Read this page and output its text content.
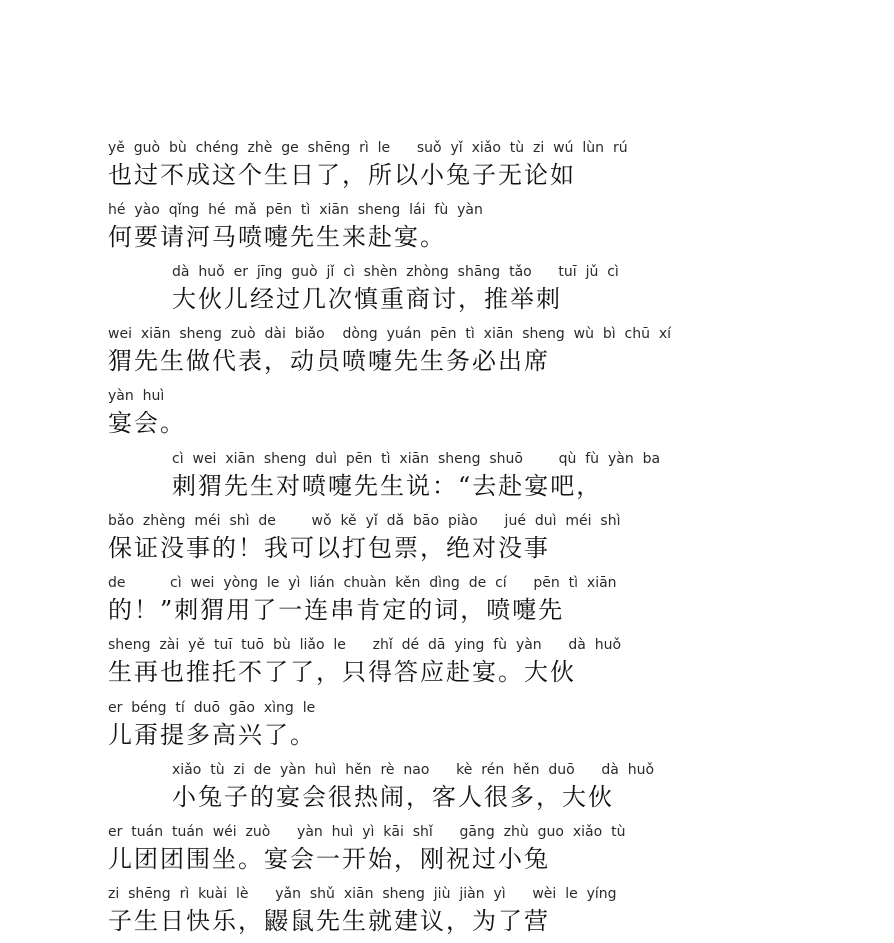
yě  guò  bù  chéng  zhè  ge  shēng  rì  le      suǒ  yǐ  xiǎo  tù  zi  wú  lùn  rú
也过不成这个生日了，所以小兔子无论如
hé  yào  qǐng  hé  mǎ  pēn  tì  xiān  sheng  lái  fù  yàn
何要请河马喷嚏先生来赴宴。
dà  huǒ  er  jīng  guò  jǐ  cì  shèn  zhòng  shāng  tǎo      tuī  jǔ  cì
大伙儿经过几次慎重商讨，推举刺
wei  xiān  sheng  zuò  dài  biǎo    dòng  yuán  pēn  tì  xiān  sheng  wù  bì  chū  xí
猬先生做代表，动员喷嚏先生务必出席
yàn  huì
宴会。
cì  wei  xiān  sheng  duì  pēn  tì  xiān  sheng  shuō        qù  fù  yàn  ba
刺猬先生对喷嚏先生说：“去赴宴吧，
bǎo  zhèng  méi  shì  de        wǒ  kě  yǐ  dǎ  bāo  piào      jué  duì  méi  shì
保证没事的！我可以打包票，绝对没事
de          cì  wei  yòng  le  yì  lián  chuàn  kěn  dìng  de  cí      pēn  tì  xiān
的！”刺猬用了一连串肯定的词，喷嚏先
sheng  zài  yě  tuī  tuō  bù  liǎo  le      zhǐ  dé  dā  ying  fù  yàn      dà  huǒ
生再也推托不了了，只得答应赴宴。大伙
er  béng  tí  duō  gāo  xìng  le
儿甭提多高兴了。
xiǎo  tù  zi  de  yàn  huì  hěn  rè  nao      kè  rén  hěn  duō      dà  huǒ
小兔子的宴会很热闹，客人很多，大伙
er  tuán  tuán  wéi  zuò      yàn  huì  yì  kāi  shǐ      gāng  zhù  guo  xiǎo  tù
儿团团围坐。宴会一开始，刚祝过小兔
zi  shēng  rì  kuài  lè      yǎn  shǔ  xiān  sheng  jiù  jiàn  yì      wèi  le  yíng
子生日快乐，鼹鼠先生就建议，为了营
